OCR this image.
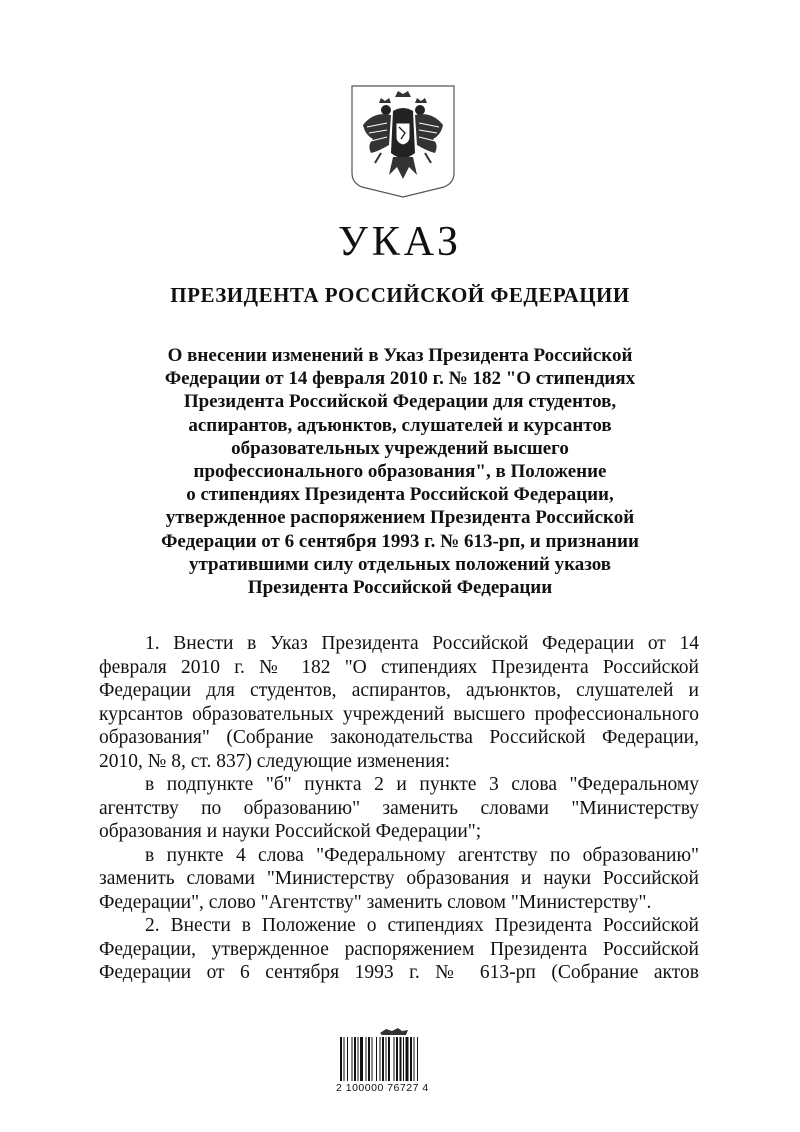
УКАЗ
ПРЕЗИДЕНТА РОССИЙСКОЙ ФЕДЕРАЦИИ
О внесении изменений в Указ Президента Российской
Федерации от 14 февраля 2010 г. № 182 "О стипендиях
Президента Российской Федерации для студентов,
аспирантов, адъюнктов, слушателей и курсантов
образовательных учреждений высшего
профессионального образования", в Положение
о стипендиях Президента Российской Федерации,
утвержденное распоряжением Президента Российской
Федерации от 6 сентября 1993 г. № 613-рп, и признании
утратившими силу отдельных положений указов
Президента Российской Федерации

1. Внести в Указ Президента Российской Федерации от 14 февраля 2010 г. № 182 "О стипендиях Президента Российской Федерации для студентов, аспирантов, адъюнктов, слушателей и курсантов образовательных учреждений высшего профессионального образования" (Собрание законодательства Российской Федерации, 2010, № 8, ст. 837) следующие изменения:

в подпункте "б" пункта 2 и пункте 3 слова "Федеральному агентству по образованию" заменить словами "Министерству образования и науки Российской Федерации";

в пункте 4 слова "Федеральному агентству по образованию" заменить словами "Министерству образования и науки Российской Федерации", слово "Агентству" заменить словом "Министерству".

2. Внести в Положение о стипендиях Президента Российской Федерации, утвержденное распоряжением Президента Российской Федерации от 6 сентября 1993 г. № 613-рп (Собрание актов

2 100000 76727 4
